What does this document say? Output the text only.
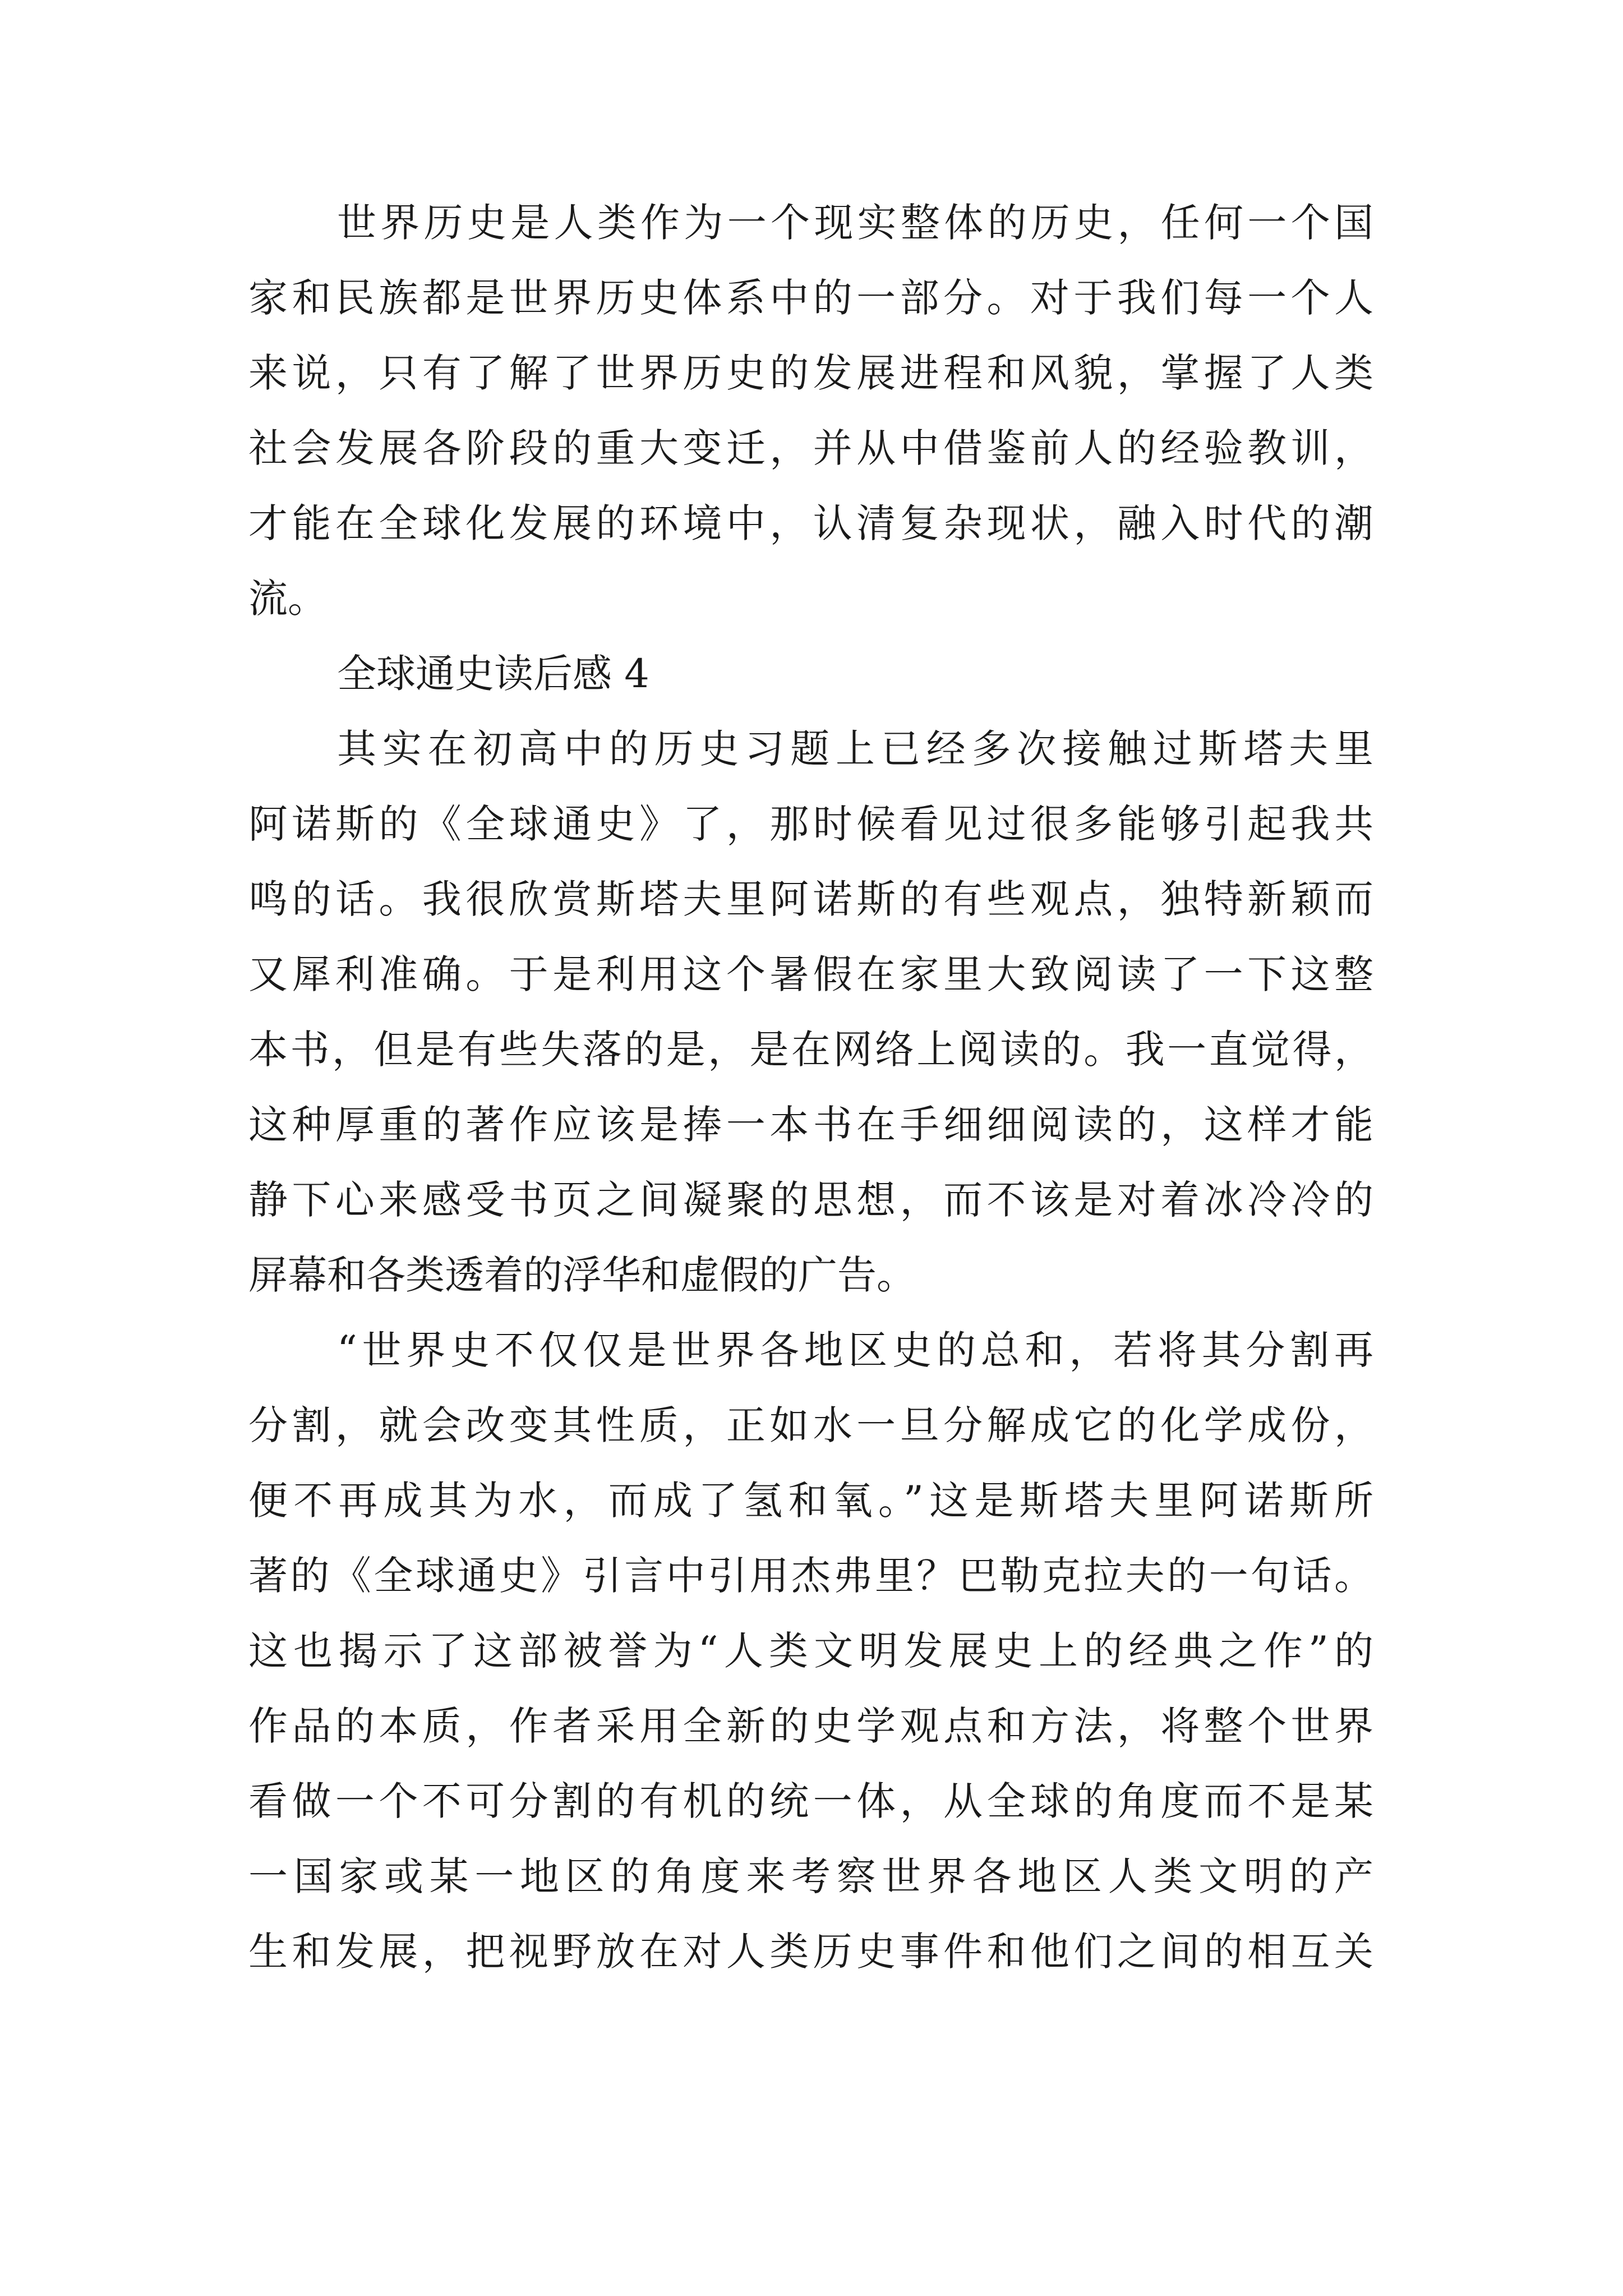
世界历史是人类作为一个现实整体的历史，任何一个国
家和民族都是世界历史体系中的一部分。对于我们每一个人
来说，只有了解了世界历史的发展进程和风貌，掌握了人类
社会发展各阶段的重大变迁，并从中借鉴前人的经验教训，
才能在全球化发展的环境中，认清复杂现状，融入时代的潮
流。
全球通史读后感 4
其实在初高中的历史习题上已经多次接触过斯塔夫里
阿诺斯的《全球通史》了，那时候看见过很多能够引起我共
鸣的话。我很欣赏斯塔夫里阿诺斯的有些观点，独特新颖而
又犀利准确。于是利用这个暑假在家里大致阅读了一下这整
本书，但是有些失落的是，是在网络上阅读的。我一直觉得，
这种厚重的著作应该是捧一本书在手细细阅读的，这样才能
静下心来感受书页之间凝聚的思想，而不该是对着冰冷冷的
屏幕和各类透着的浮华和虚假的广告。
“世界史不仅仅是世界各地区史的总和，若将其分割再
分割，就会改变其性质，正如水一旦分解成它的化学成份，
便不再成其为水，而成了氢和氧。”这是斯塔夫里阿诺斯所
著的《全球通史》引言中引用杰弗里？巴勒克拉夫的一句话。
这也揭示了这部被誉为“人类文明发展史上的经典之作”的
作品的本质，作者采用全新的史学观点和方法，将整个世界
看做一个不可分割的有机的统一体，从全球的角度而不是某
一国家或某一地区的角度来考察世界各地区人类文明的产
生和发展，把视野放在对人类历史事件和他们之间的相互关
